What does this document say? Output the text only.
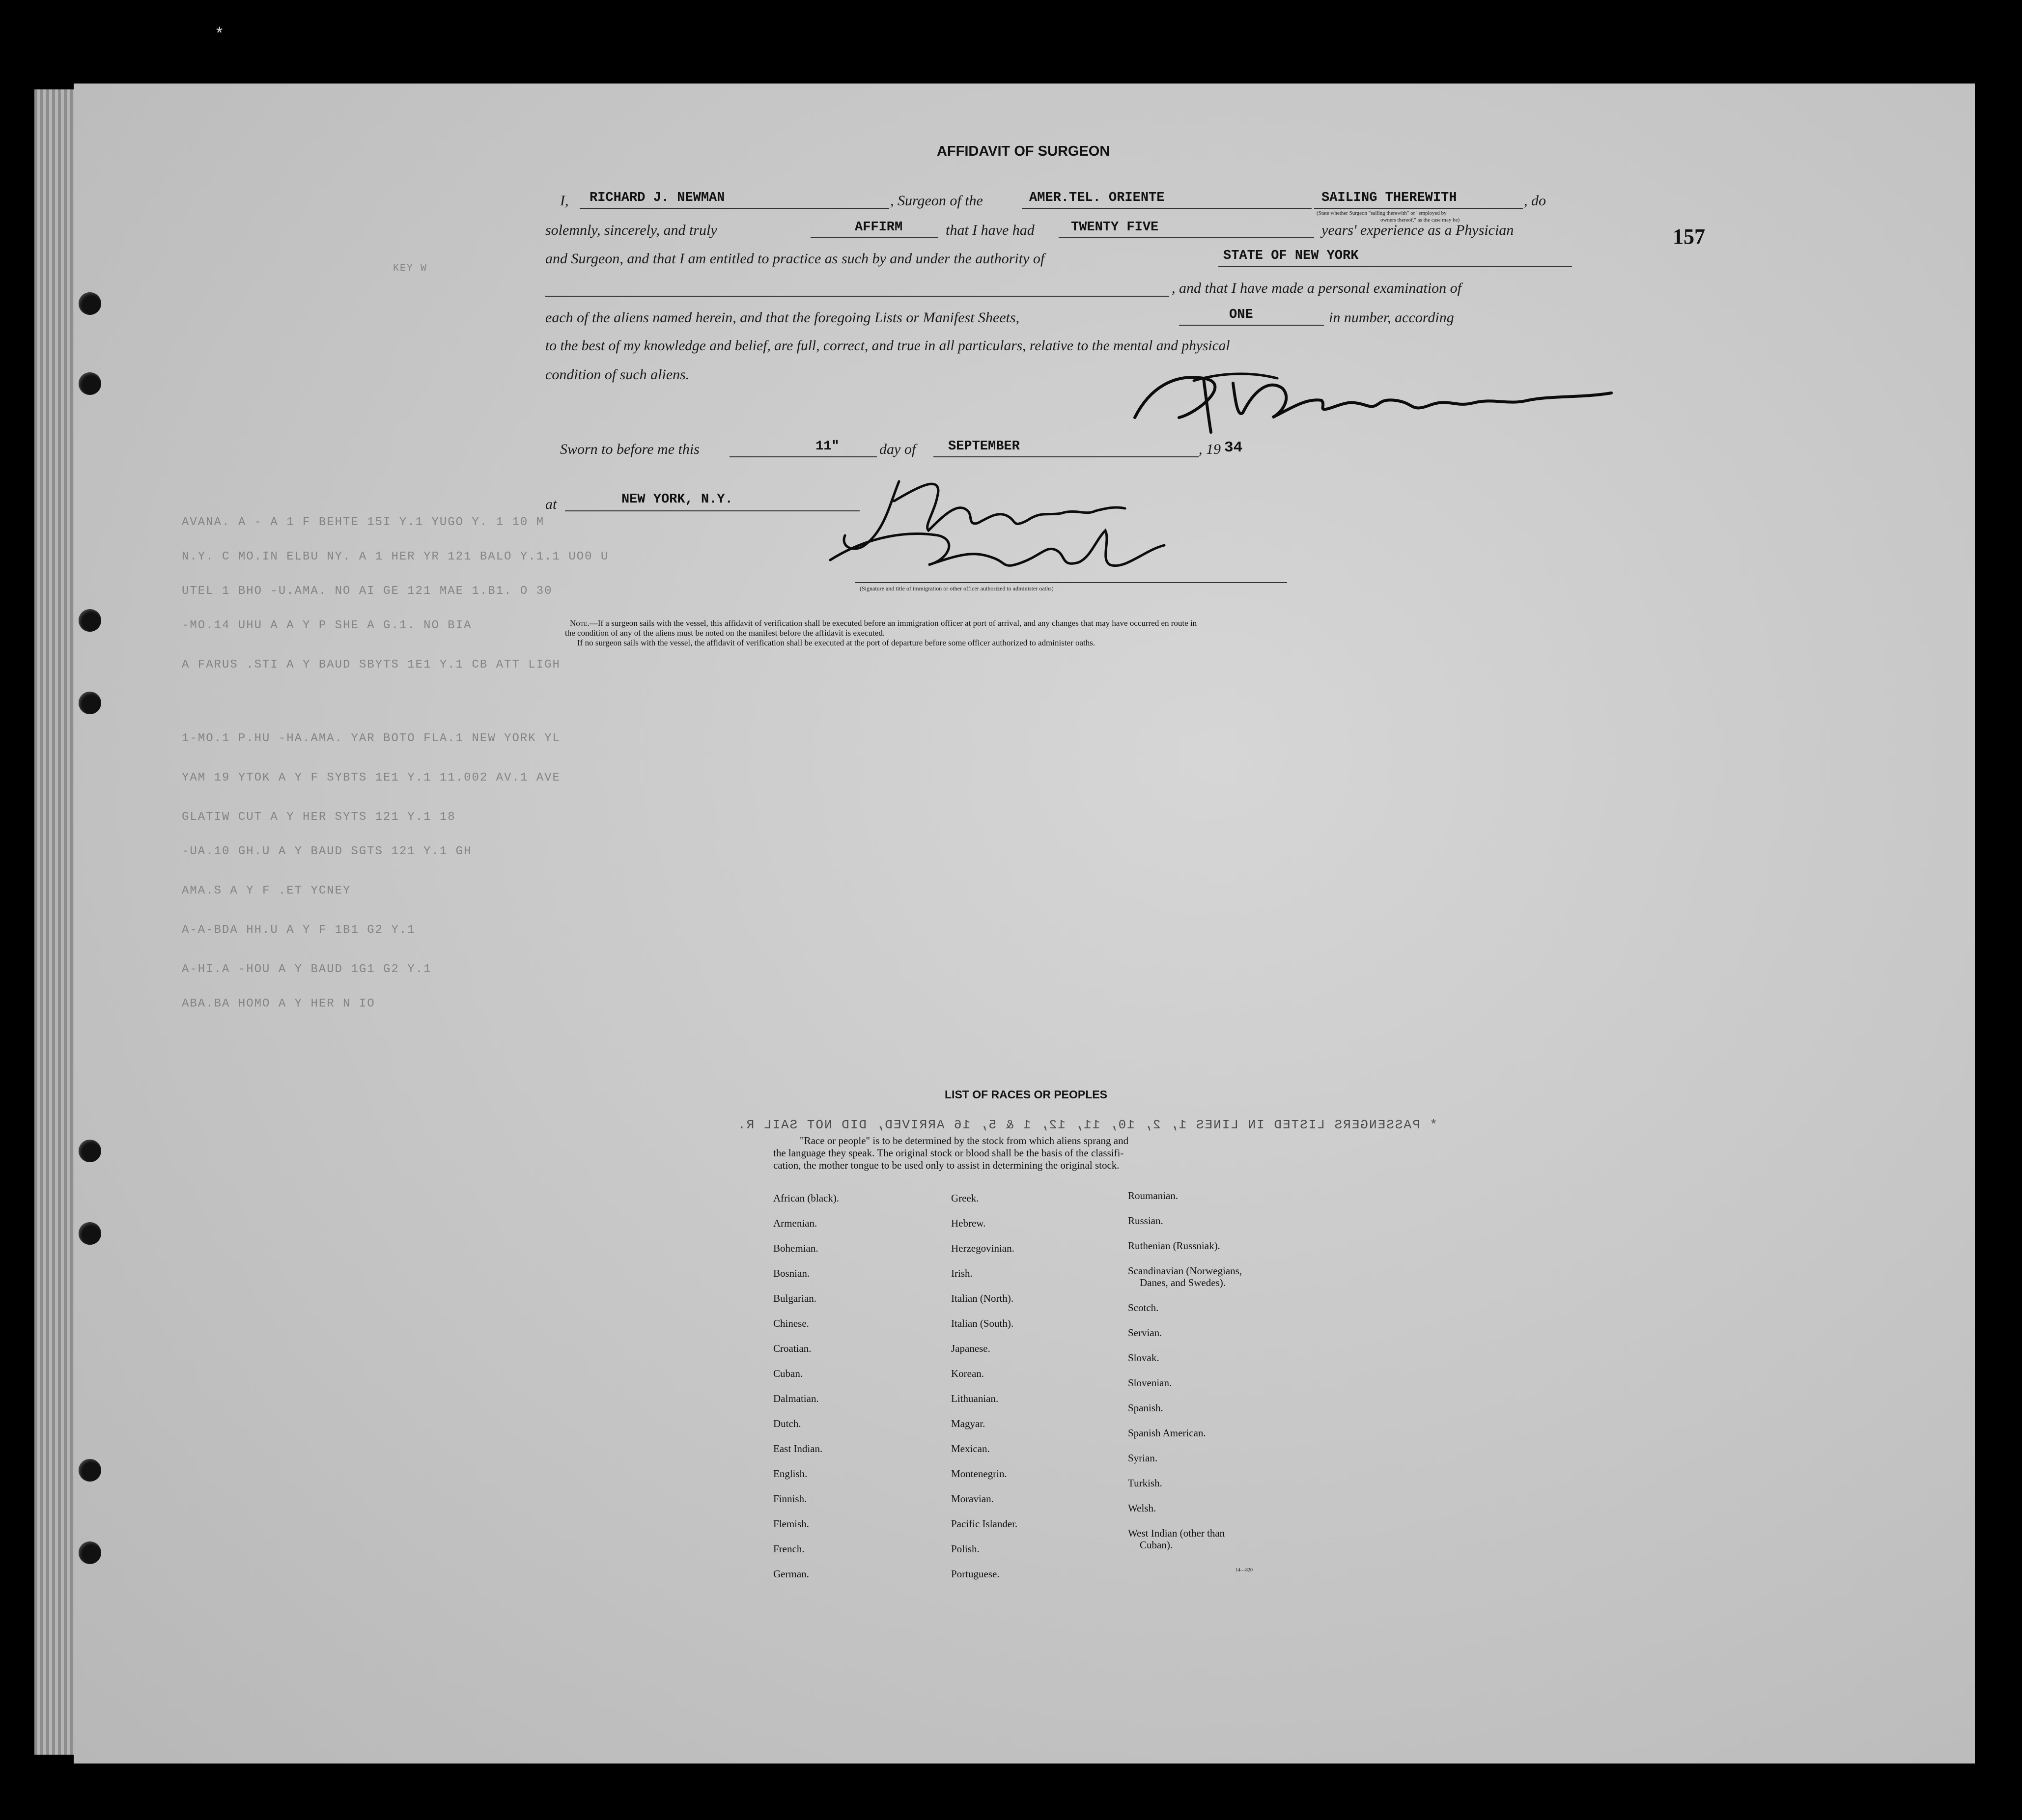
*
KEY W
AVANA. A - A 1 F BEHTE 15I Y.1 YUGO Y. 1 10 M
N.Y. C MO.IN ELBU NY. A 1 HER YR 121 BALO Y.1.1 UO0 U
UTEL 1 BHO -U.AMA. NO AI GE 121 MAE 1.B1. O 30
-MO.14 UHU A A Y P SHE A G.1. NO BIA
A FARUS .STI A Y BAUD SBYTS 1E1 Y.1 CB ATT LIGH
1-MO.1 P.HU -HA.AMA. YAR BOTO FLA.1 NEW YORK YL
YAM 19 YTOK A Y F SYBTS 1E1 Y.1 11.002 AV.1 AVE
GLATIW CUT A Y HER SYTS 121 Y.1 18
-UA.10 GH.U A Y BAUD SGTS 121 Y.1 GH
AMA.S A Y F .ET YCNEY
A-A-BDA HH.U A Y F 1B1 G2 Y.1
A-HI.A -HOU A Y BAUD 1G1 G2 Y.1
ABA.BA HOMO A Y HER N IO
* PASSENGERS LISTED IN LINES 1, 2, 10, 11, 12, 1 & 5, 16 ARRIVED, DID NOT SAIL R.
157
AFFIDAVIT OF SURGEON
I, RICHARD J. NEWMAN	, Surgeon of the	AMER.TEL. ORIENTE	SAILING THEREWITH	, do
(State whether Surgeon "sailing therewith" or "employed by
owners thereof," as the case may be)
solemnly, sincerely, and truly	AFFIRM	that I have had	TWENTY FIVE	years' experience as a Physician
and Surgeon, and that I am entitled to practice as such by and under the authority of	STATE OF NEW YORK
, and that I have made a personal examination of
each of the aliens named herein, and that the foregoing Lists or Manifest Sheets,	ONE	in number, according
to the best of my knowledge and belief, are full, correct, and true in all particulars, relative to the mental and physical
condition of such aliens.
Sworn to before me this	11"	day of SEPTEMBER	, 19 34
at	NEW YORK, N.Y.
(Signature and title of immigration or other officer authorized to administer oaths)
Note.—If a surgeon sails with the vessel, this affidavit of verification shall be executed before an immigration officer at port of arrival, and any changes that may have occurred en route in
the condition of any of the aliens must be noted on the manifest before the affidavit is executed.
If no surgeon sails with the vessel, the affidavit of verification shall be executed at the port of departure before some officer authorized to administer oaths.
LIST OF RACES OR PEOPLES
"Race or people" is to be determined by the stock from which aliens sprang and
the language they speak. The original stock or blood shall be the basis of the classifi-
cation, the mother tongue to be used only to assist in determining the original stock.
African (black).
Armenian.
Bohemian.
Bosnian.
Bulgarian.
Chinese.
Croatian.
Cuban.
Dalmatian.
Dutch.
East Indian.
English.
Finnish.
Flemish.
French.
German.
Greek.
Hebrew.
Herzegovinian.
Irish.
Italian (North).
Italian (South).
Japanese.
Korean.
Lithuanian.
Magyar.
Mexican.
Montenegrin.
Moravian.
Pacific Islander.
Polish.
Portuguese.
Roumanian.
Russian.
Ruthenian (Russniak).
Scandinavian (Norwegians,
Danes, and Swedes).
Scotch.
Servian.
Slovak.
Slovenian.
Spanish.
Spanish American.
Syrian.
Turkish.
Welsh.
West Indian (other than
Cuban).
14—820
